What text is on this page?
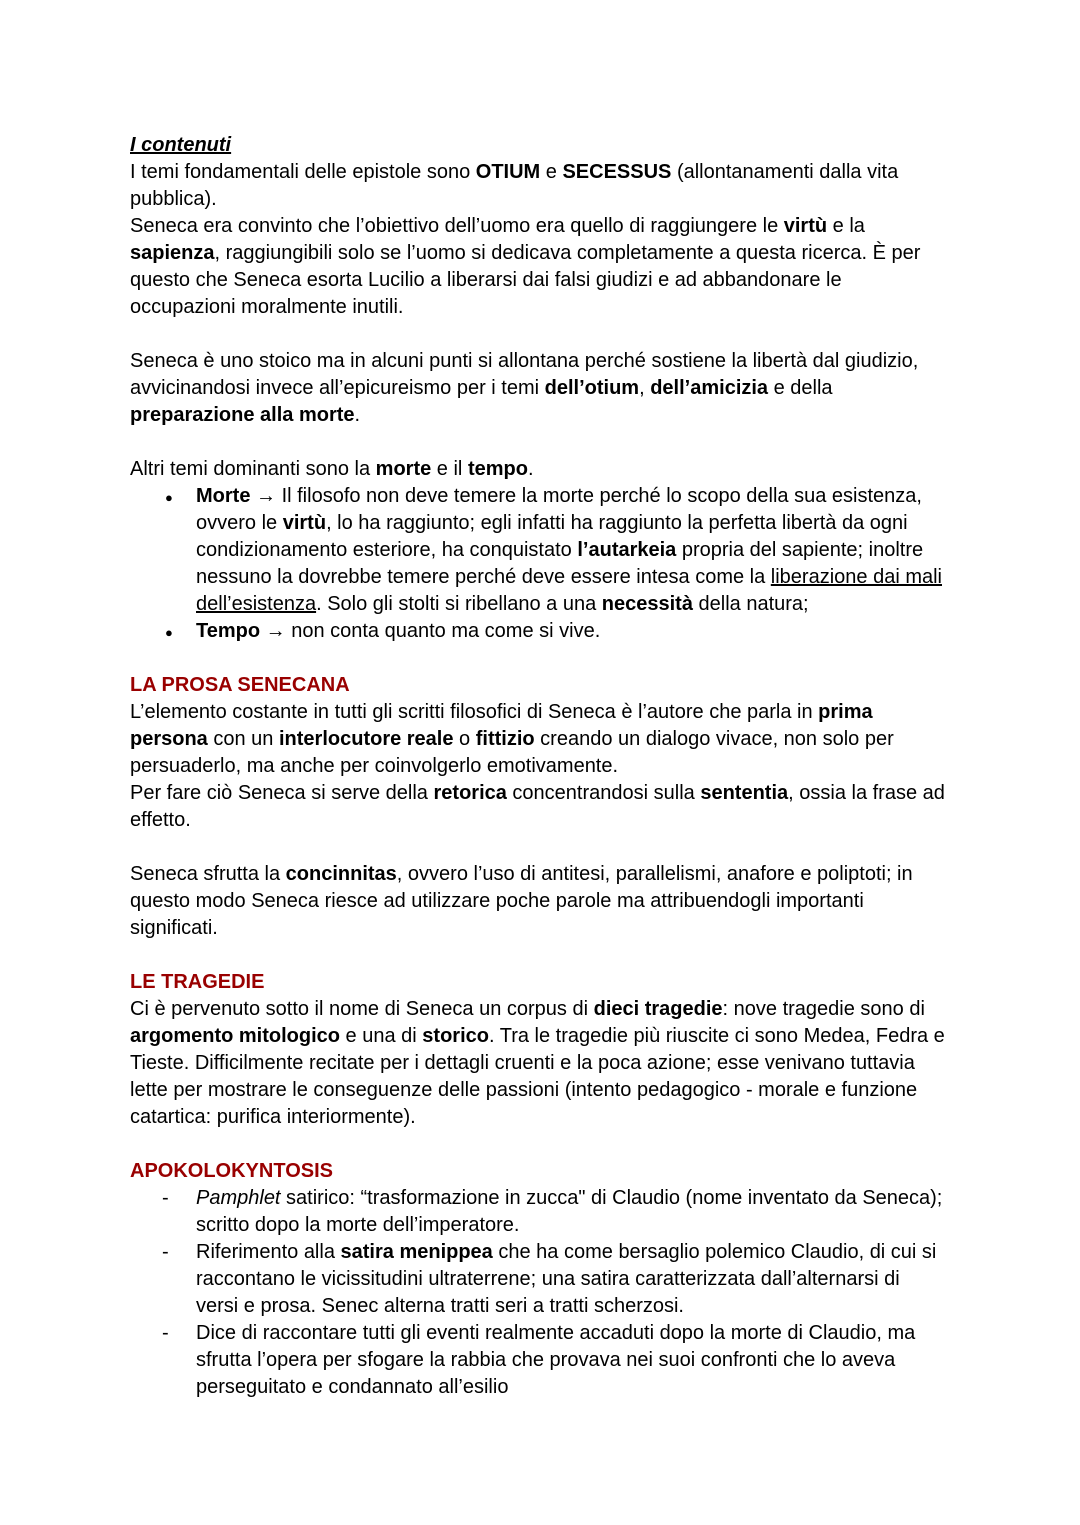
I contenuti

I temi fondamentali delle epistole sono OTIUM e SECESSUS (allontanamenti dalla vita pubblica).

Seneca era convinto che l’obiettivo dell’uomo era quello di raggiungere le virtù e la sapienza, raggiungibili solo se l’uomo si dedicava completamente a questa ricerca. È per questo che Seneca esorta Lucilio a liberarsi dai falsi giudizi e ad abbandonare le occupazioni moralmente inutili.

Seneca è uno stoico ma in alcuni punti si allontana perché sostiene la libertà dal giudizio, avvicinandosi invece all’epicureismo per i temi dell’otium, dell’amicizia e della preparazione alla morte.

Altri temi dominanti sono la morte e il tempo.

● Morte → Il filosofo non deve temere la morte perché lo scopo della sua esistenza, ovvero le virtù, lo ha raggiunto; egli infatti ha raggiunto la perfetta libertà da ogni condizionamento esteriore, ha conquistato l’autarkeia propria del sapiente; inoltre nessuno la dovrebbe temere perché deve essere intesa come la liberazione dai mali dell’esistenza. Solo gli stolti si ribellano a una necessità della natura;
● Tempo → non conta quanto ma come si vive.
LA PROSA SENECANA

L’elemento costante in tutti gli scritti filosofici di Seneca è l’autore che parla in prima persona con un interlocutore reale o fittizio creando un dialogo vivace, non solo per persuaderlo, ma anche per coinvolgerlo emotivamente.

Per fare ciò Seneca si serve della retorica concentrandosi sulla sententia, ossia la frase ad effetto.

Seneca sfrutta la concinnitas, ovvero l’uso di antitesi, parallelismi, anafore e poliptoti; in questo modo Seneca riesce ad utilizzare poche parole ma attribuendogli importanti significati.

LE TRAGEDIE

Ci è pervenuto sotto il nome di Seneca un corpus di dieci tragedie: nove tragedie sono di argomento mitologico e una di storico. Tra le tragedie più riuscite ci sono Medea, Fedra e Tieste. Difficilmente recitate per i dettagli cruenti e la poca azione; esse venivano tuttavia lette per mostrare le conseguenze delle passioni (intento pedagogico - morale e funzione catartica: purifica interiormente).

APOKOLOKYNTOSIS
- Pamphlet satirico: “trasformazione in zucca" di Claudio (nome inventato da Seneca); scritto dopo la morte dell’imperatore.
- Riferimento alla satira menippea che ha come bersaglio polemico Claudio, di cui si raccontano le vicissitudini ultraterrene; una satira caratterizzata dall’alternarsi di versi e prosa. Senec alterna tratti seri a tratti scherzosi.
- Dice di raccontare tutti gli eventi realmente accaduti dopo la morte di Claudio, ma sfrutta l’opera per sfogare la rabbia che provava nei suoi confronti che lo aveva perseguitato e condannato all’esilio
